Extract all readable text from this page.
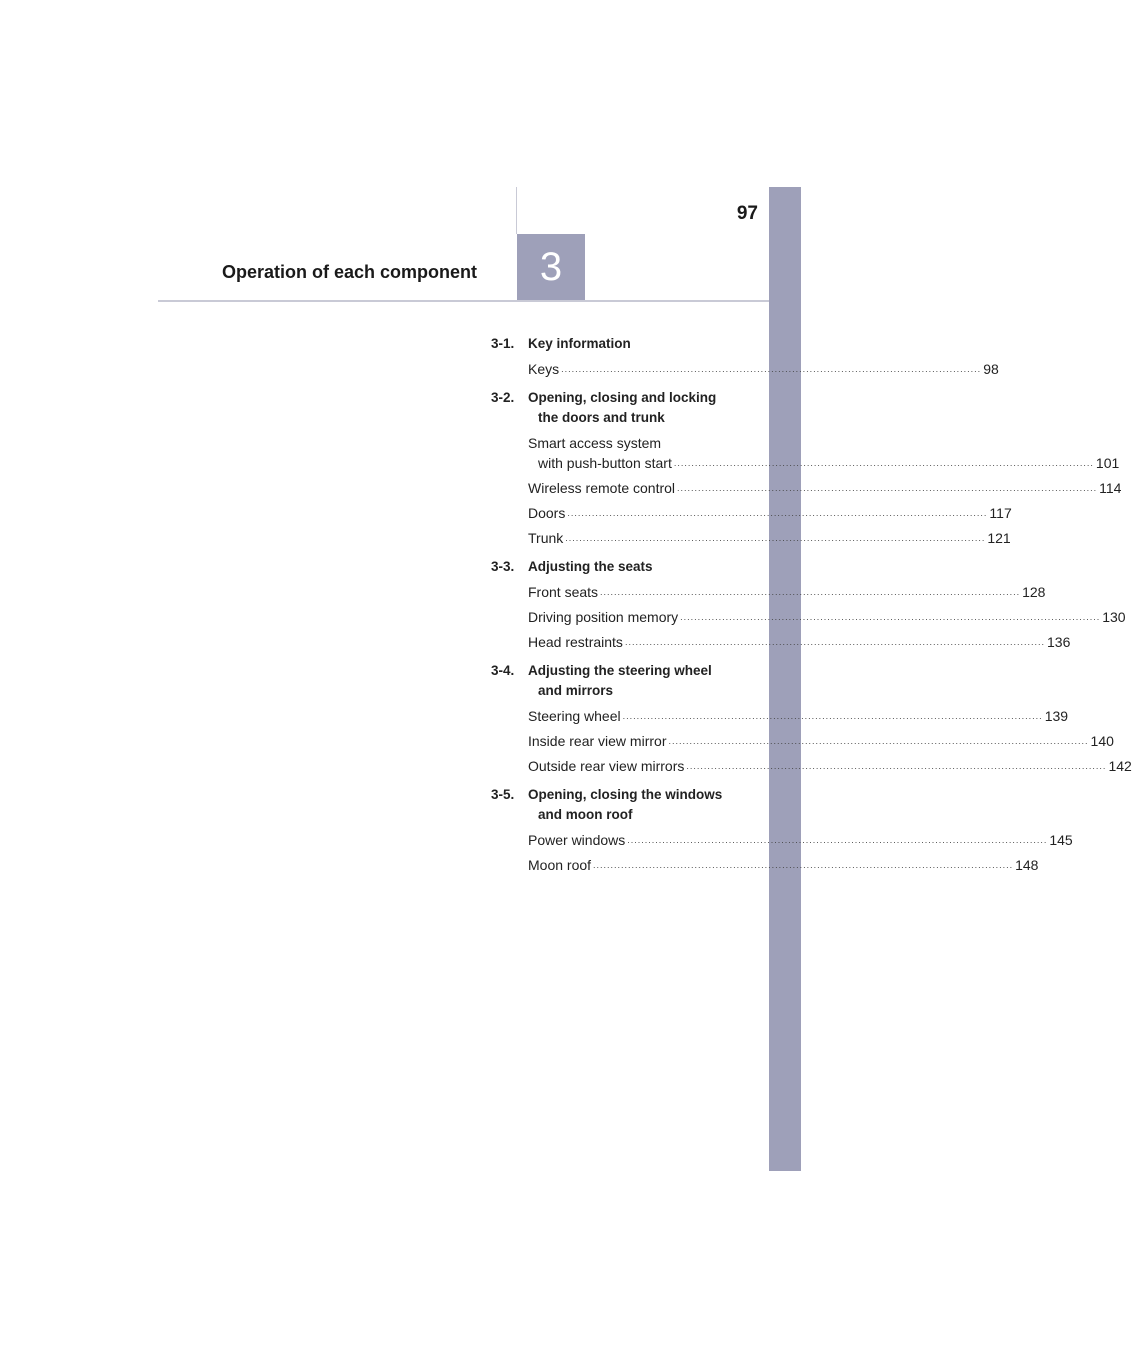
97
3
Operation of each component
3-1.	Key information
Keys ........................................................................................................................ 98
3-2.	Opening, closing and locking
the doors and trunk
Smart access system
with push-button start ........................................................................................................................ 101
Wireless remote control ........................................................................................................................ 114
Doors ........................................................................................................................ 117
Trunk ........................................................................................................................ 121
3-3.	Adjusting the seats
Front seats ........................................................................................................................ 128
Driving position memory ........................................................................................................................ 130
Head restraints ........................................................................................................................ 136
3-4.	Adjusting the steering wheel
and mirrors
Steering wheel ........................................................................................................................ 139
Inside rear view mirror ........................................................................................................................ 140
Outside rear view mirrors ........................................................................................................................ 142
3-5.	Opening, closing the windows
and moon roof
Power windows ........................................................................................................................ 145
Moon roof ........................................................................................................................ 148
